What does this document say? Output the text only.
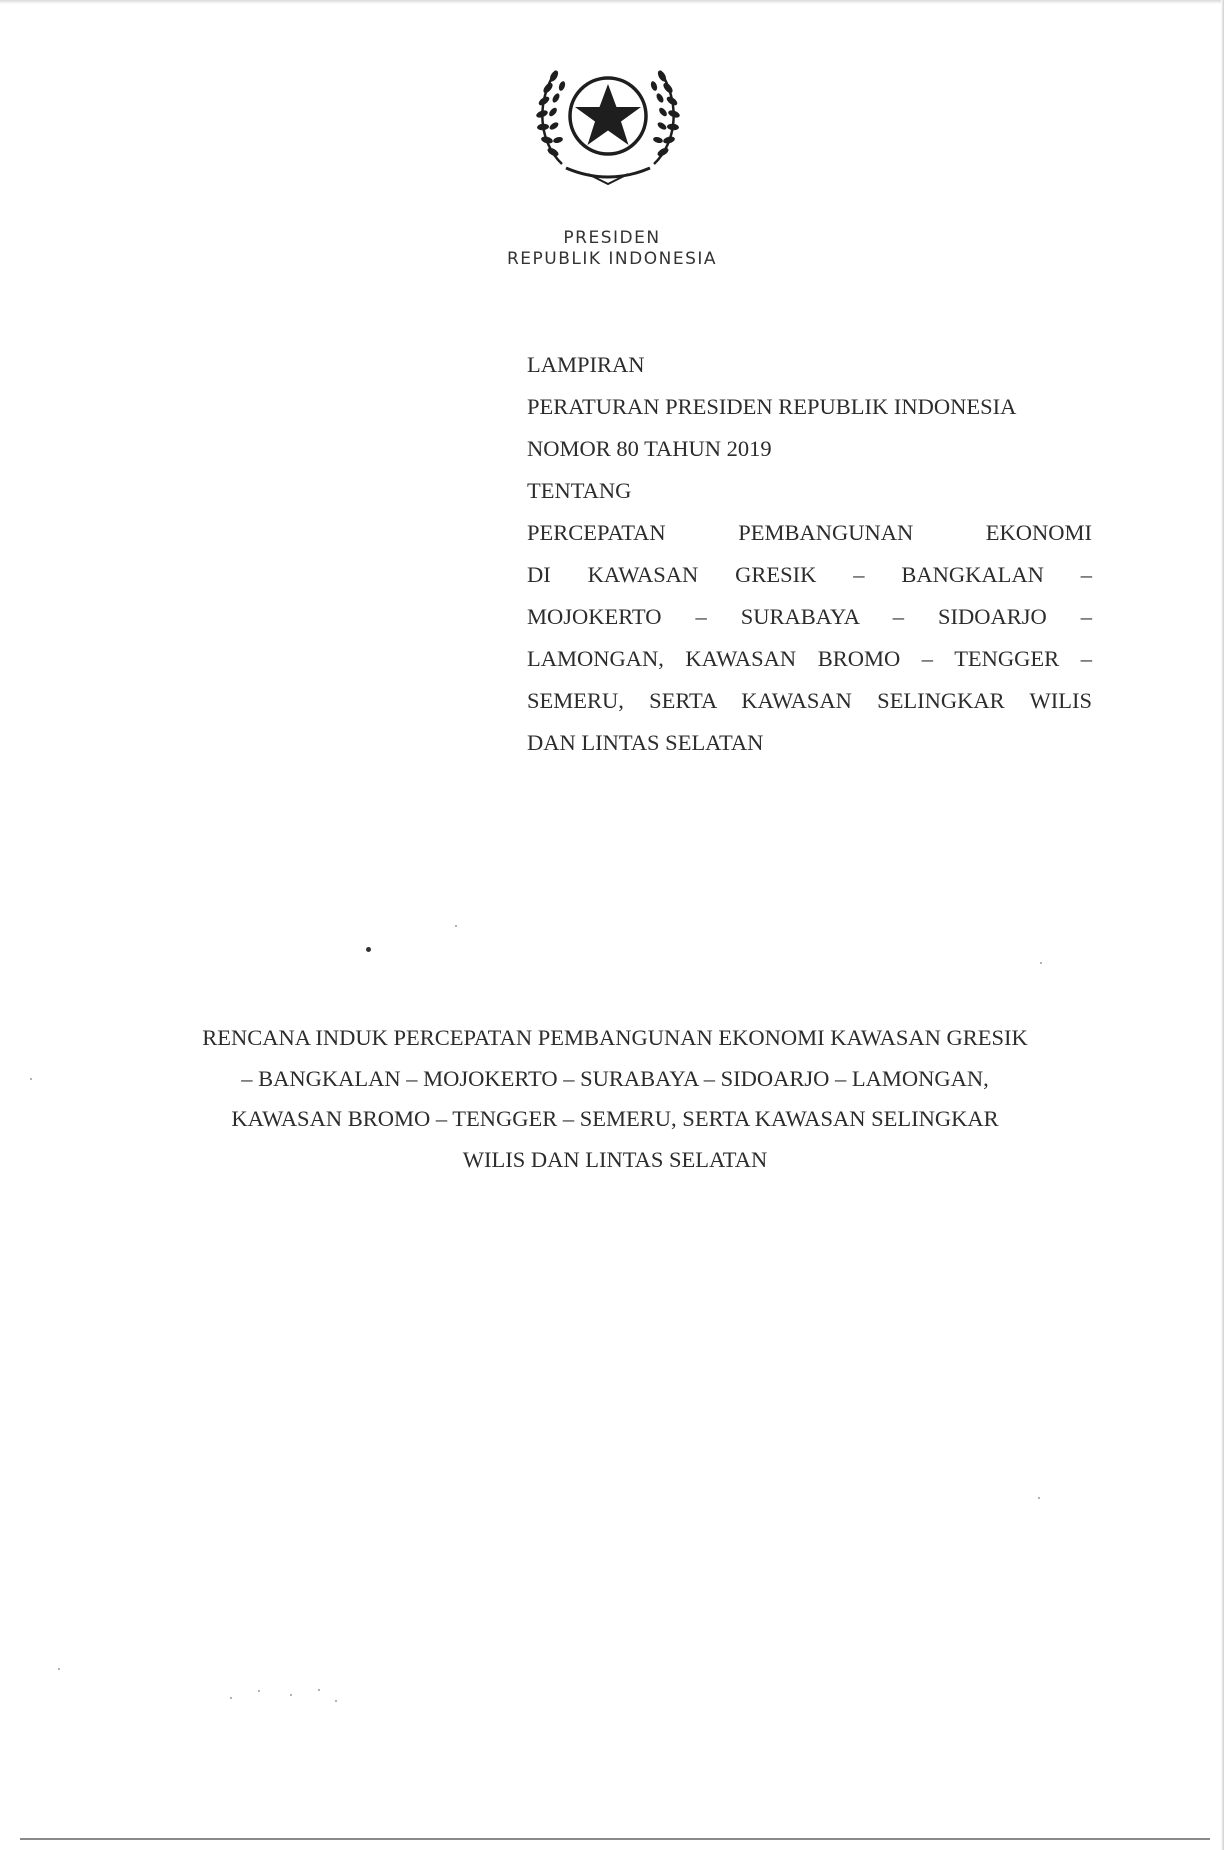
PRESIDEN
REPUBLIK INDONESIA
LAMPIRAN
PERATURAN PRESIDEN REPUBLIK INDONESIA
NOMOR 80 TAHUN 2019
TENTANG
PERCEPATAN PEMBANGUNAN EKONOMI
DI KAWASAN GRESIK – BANGKALAN –
MOJOKERTO – SURABAYA – SIDOARJO –
LAMONGAN, KAWASAN BROMO – TENGGER –
SEMERU, SERTA KAWASAN SELINGKAR WILIS
DAN LINTAS SELATAN
RENCANA INDUK PERCEPATAN PEMBANGUNAN EKONOMI KAWASAN GRESIK
– BANGKALAN – MOJOKERTO – SURABAYA – SIDOARJO – LAMONGAN,
KAWASAN BROMO – TENGGER – SEMERU, SERTA KAWASAN SELINGKAR
WILIS DAN LINTAS SELATAN
